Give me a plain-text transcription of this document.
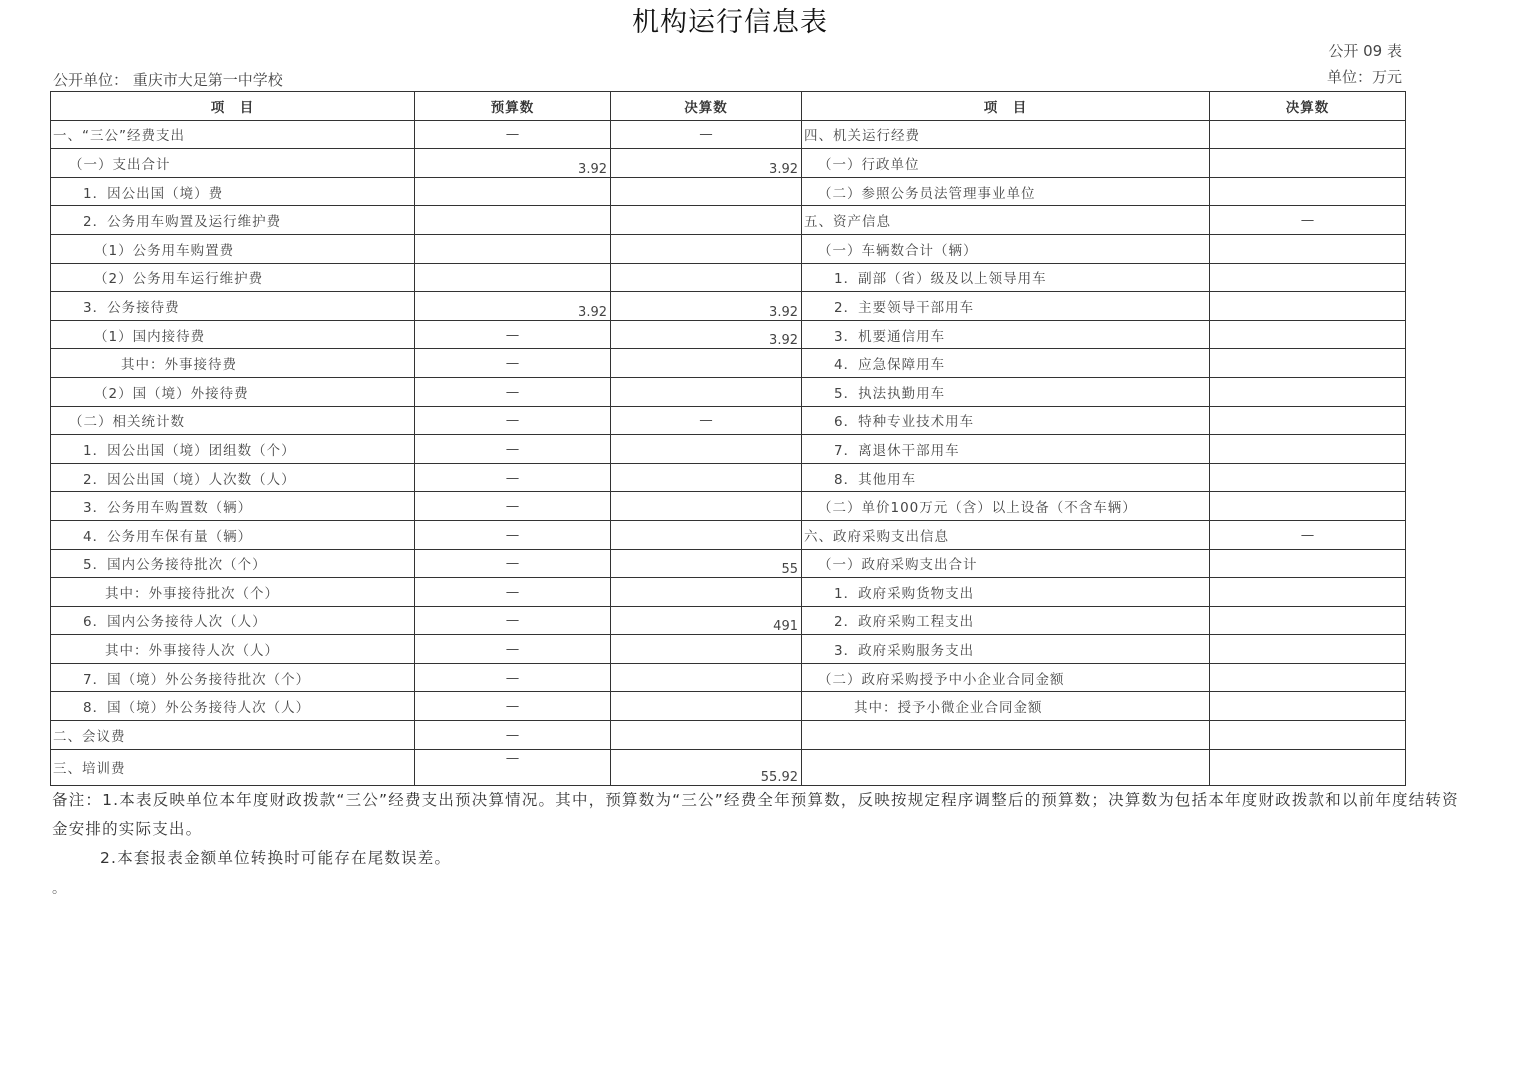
机构运行信息表
公开 09 表
单位：万元
公开单位： 重庆市大足第一中学校
项　目	预算数	决算数	项　目	决算数
一、“三公”经费支出	—	—	四、机关运行经费	
（一）支出合计	3.92	3.92	（一）行政单位	
1．因公出国（境）费			（二）参照公务员法管理事业单位	
2．公务用车购置及运行维护费			五、资产信息	—
（1）公务用车购置费			（一）车辆数合计（辆）	
（2）公务用车运行维护费			1．副部（省）级及以上领导用车	
3．公务接待费	3.92	3.92	2．主要领导干部用车	
（1）国内接待费	—	3.92	3．机要通信用车	
其中：外事接待费	—		4．应急保障用车	
（2）国（境）外接待费	—		5．执法执勤用车	
（二）相关统计数	—	—	6．特种专业技术用车	
1．因公出国（境）团组数（个）	—		7．离退休干部用车	
2．因公出国（境）人次数（人）	—		8．其他用车	
3．公务用车购置数（辆）	—		（二）单价100万元（含）以上设备（不含车辆）	
4．公务用车保有量（辆）	—		六、政府采购支出信息	—
5．国内公务接待批次（个）	—	55	（一）政府采购支出合计	
其中：外事接待批次（个）	—		1．政府采购货物支出	
6．国内公务接待人次（人）	—	491	2．政府采购工程支出	
其中：外事接待人次（人）	—		3．政府采购服务支出	
7．国（境）外公务接待批次（个）	—		（二）政府采购授予中小企业合同金额	
8．国（境）外公务接待人次（人）	—		其中：授予小微企业合同金额	
二、会议费	—			
三、培训费	—	55.92		
备注：1.本表反映单位本年度财政拨款“三公”经费支出预决算情况。其中，预算数为“三公”经费全年预算数，反映按规定程序调整后的预算数；决算数为包括本年度财政拨款和以前年度结转资金安排的实际支出。
2.本套报表金额单位转换时可能存在尾数误差。
。
